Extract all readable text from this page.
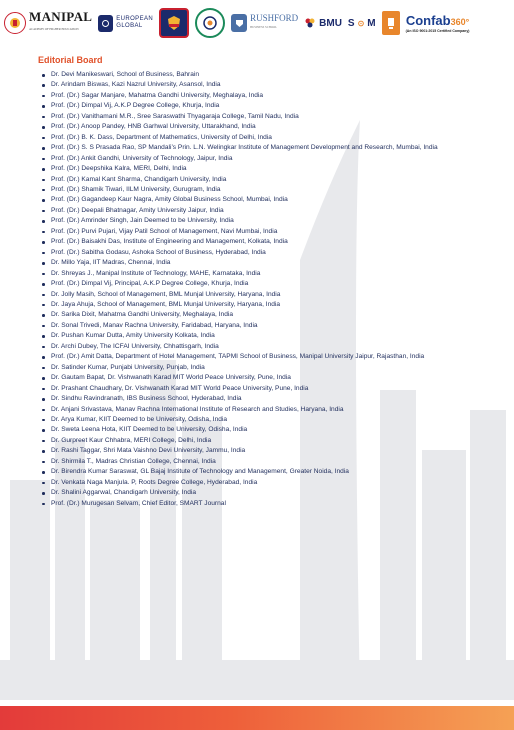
MANIPAL
ACADEMY OF HIGHER EDUCATION
EUROPEAN
GLOBAL
RUSHFORD
BUSINESS SCHOOL	BMU S ⊙ M Confab360°
(An ISO 9001:2015 Certified Company)
Editorial Board
Dr. Devi Manikeswari, School of Business, Bahrain
Dr. Arindam Biswas, Kazi Nazrul University, Asansol, India
Prof. (Dr.) Sagar Manjare, Mahatma Gandhi University, Meghalaya, India
Prof. (Dr.) Dimpal Vij, A.K.P Degree College, Khurja, India
Prof. (Dr.) Vanithamani M.R., Sree Saraswathi Thyagaraja College, Tamil Nadu, India
Prof. (Dr.) Anoop Pandey, HNB Garhwal University, Uttarakhand, India
Prof. (Dr.) B. K. Dass, Department of Mathematics, University of Delhi, India
Prof. (Dr.) S. S Prasada Rao, SP Mandali’s Prin. L.N. Welingkar Institute of Management Development and Research, Mumbai, India
Prof. (Dr.) Ankit Gandhi, University of Technology, Jaipur, India
Prof. (Dr.) Deepshika Kalra, MERI, Delhi, India
Prof. (Dr.) Kamal Kant Sharma, Chandigarh University, India
Prof. (Dr.) Shamik Tiwari, IILM University, Gurugram, India
Prof. (Dr.) Gagandeep Kaur Nagra, Amity Global Business School, Mumbai, India
Prof. (Dr.) Deepali Bhatnagar, Amity University Jaipur, India
Prof. (Dr.) Amrinder Singh, Jain Deemed to be University, India
Prof. (Dr.) Purvi Pujari, Vijay Patil School of Management, Navi Mumbai, India
Prof. (Dr.) Baisakhi Das, Institute of Engineering and Management, Kolkata, India
Prof. (Dr.) Sabitha Godasu, Ashoka School of Business, Hyderabad, India
Dr. Millo Yaja, IIT Madras, Chennai, India
Dr. Shreyas J., Manipal Institute of Technology, MAHE, Karnataka, India
Prof. (Dr.) Dimpal Vij, Principal, A.K.P Degree College, Khurja, India
Dr. Jolly Masih, School of Management, BML Munjal University, Haryana, India
Dr. Jaya Ahuja, School of Management, BML Munjal University, Haryana, India
Dr. Sarika Dixit, Mahatma Gandhi University, Meghalaya, India
Dr. Sonal Trivedi, Manav Rachna University, Faridabad, Haryana, India
Dr. Pushan Kumar Dutta, Amity University Kolkata, India
Dr. Archi Dubey, The ICFAI University, Chhattisgarh, India
Prof. (Dr.) Amit Datta, Department of Hotel Management, TAPMI School of Business, Manipal University Jaipur, Rajasthan, India
Dr. Satinder Kumar, Punjabi University, Punjab, India
Dr. Gautam Bapat, Dr. Vishwanath Karad MIT World Peace University, Pune, India
Dr. Prashant Chaudhary, Dr. Vishwanath Karad MIT World Peace University, Pune, India
Dr. Sindhu Ravindranath, IBS Business School, Hyderabad, India
Dr. Anjani Srivastava, Manav Rachna International Institute of Research and Studies, Haryana, India
Dr. Arya Kumar, KIIT Deemed to be University, Odisha, India
Dr. Sweta Leena Hota, KIIT Deemed to be University, Odisha, India
Dr. Gurpreet Kaur Chhabra, MERI College, Delhi, India
Dr. Rashi Taggar, Shri Mata Vaishno Devi University, Jammu, India
Dr. Shirmila T., Madras Christian College, Chennai, India
Dr. Birendra Kumar Saraswat, GL Bajaj Institute of Technology and Management, Greater Noida, India
Dr. Venkata Naga Manjula. P, Roots Degree College, Hyderabad, India
Dr. Shalini Aggarwal, Chandigarh University, India
Prof. (Dr.) Murugesan Selvam, Chief Editor, SMART Journal
